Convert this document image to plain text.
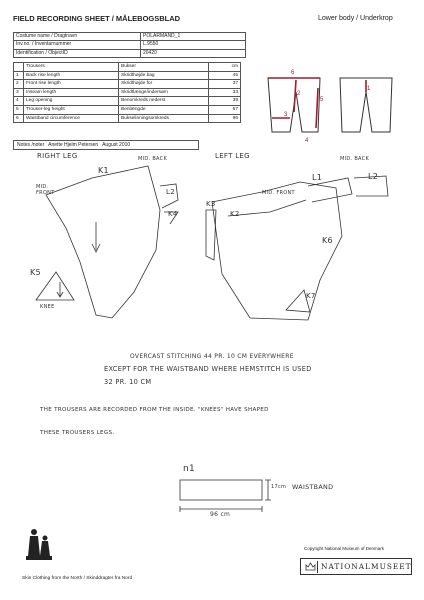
FIELD RECORDING SHEET / MÅLEBOGSBLAD	Lower body / Underkrop
Costume name / Dragtnavn	POLARMAND_1
Inv.no. / Inventarnummer	L.9550
Identification / ObjectID	20420
	Trousers	Bukser	cm
1	Back rise length	Skridthøjde bag	45
2	Front rise length	Skridthøjde for	37
3	Inseam length	Skridtlænge/indersøm	33
4	Leg opening	Benomkreds nederst	39
5	Trouser-leg height	Benlængde	67
6	Waistband circumference	Bukselinningsomkreds	96
Notes /noter Anette Hjelm Petersen August 2010
6
2
5
3
4
1
RIGHT LEG	LEFT LEG
K1
MID. BACK
MID. FRONT	L2
K4
K5
KNEE
L1	L2
K3
K2
MID. FRONT
MID. BACK
K6
K7
OVERCAST STITCHING 44 PR. 10 CM EVERYWHERE
EXCEPT FOR THE WAISTBAND WHERE HEMSTITCH IS USED
32 PR. 10 CM
THE TROUSERS ARE RECORDED FROM THE INSIDE. "KNEES" HAVE SHAPED
THESE TROUSERS LEGS.
n1
96 cm
17cm WAISTBAND
Skin Clothing from the North / Skinddragter fra Nord
Copyright National Museum of Denmark
NATIONALMUSEET
